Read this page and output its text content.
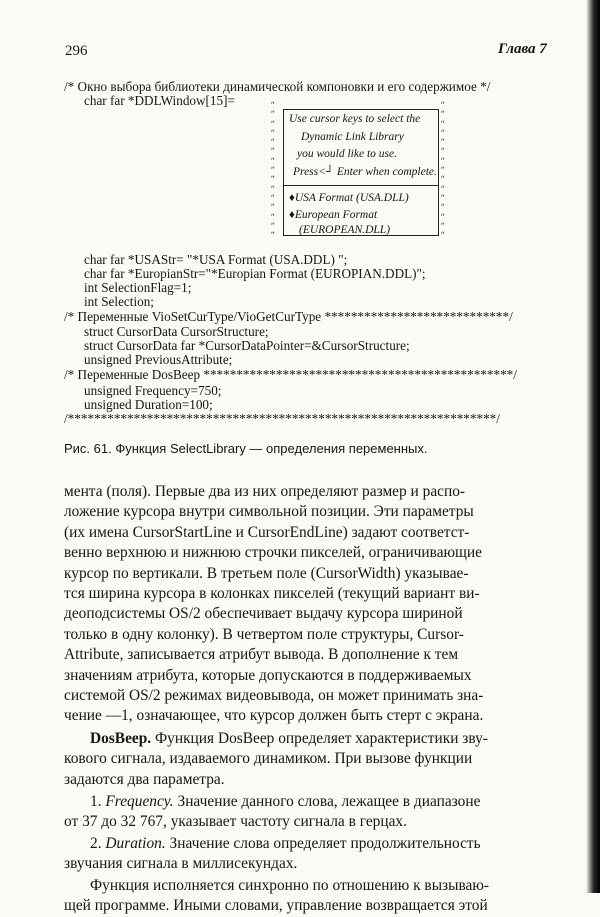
296	Глава 7
/* Окно выбора библиотеки динамической компоновки и его содержимое */
char far *DDLWindow[15]=	ʺ
ʺ
ʺ
ʺ
ʺ
ʺ
ʺ
ʺ
ʺ
ʺ
ʺ
ʺ
ʺ
ʺ
ʺ
ʺ
ʺ
ʺ
ʺ
ʺ
ʺ
ʺ
ʺ
ʺ
ʺ
ʺ
ʺ
ʺ
ʺ
ʺ
Use cursor keys to select the
Dynamic Link Library
you would like to use.
Press<┘ Enter when complete.
♦USA Format (USA.DLL)
♦European Format
(EUROPEAN.DLL)
char far *USAStr= "*USA Format (USA.DDL) ";
char far *EuropianStr="*Europian Format (EUROPIAN.DDL)";
int SelectionFlag=1;
int Selection;
/* Переменные VioSetCurType/VioGetCurType ****************************/
struct CursorData CursorStructure;
struct CursorData far *CursorDataPointer=&CursorStructure;
unsigned PreviousAttribute;
/* Переменные DosBeep ***********************************************/
unsigned Frequency=750;
unsigned Duration=100;
/*****************************************************************/
Рис. 61. Функция SelectLibrary — определения переменных.
мента (поля). Первые два из них определяют размер и распо-
ложение курсора внутри символьной позиции. Эти параметры
(их имена CursorStartLine и CursorEndLine) задают соответст-
венно верхнюю и нижнюю строчки пикселей, ограничивающие
курсор по вертикали. В третьем поле (CursorWidth) указывае-
тся ширина курсора в колонках пикселей (текущий вариант ви-
деоподсистемы OS/2 обеспечивает выдачу курсора шириной
только в одну колонку). В четвертом поле структуры, Cursor-
Attribute, записывается атрибут вывода. В дополнение к тем
значениям атрибута, которые допускаются в поддерживаемых
системой OS/2 режимах видеовывода, он может принимать зна-
чение —1, означающее, что курсор должен быть стерт с экрана.
DosBeep. Функция DosBeep определяет характеристики зву-
кового сигнала, издаваемого динамиком. При вызове функции
задаются два параметра.
1. Frequency. Значение данного слова, лежащее в диапазоне
от 37 до 32 767, указывает частоту сигнала в герцах.
2. Duration. Значение слова определяет продолжительность
звучания сигнала в миллисекундах.
Функция исполняется синхронно по отношению к вызываю-
щей программе. Иными словами, управление возвращается этой
